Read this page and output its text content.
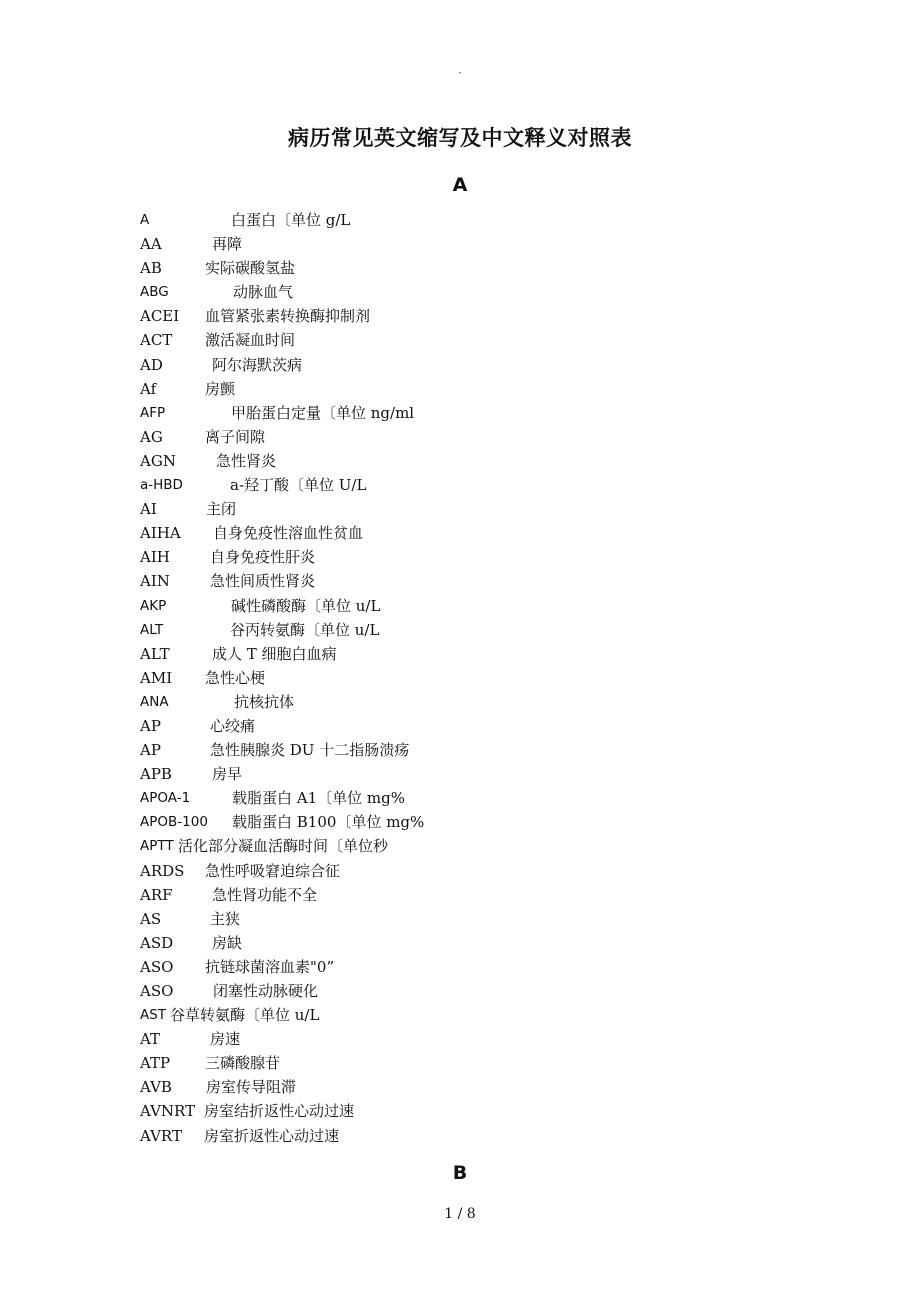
·
病历常见英文缩写及中文释义对照表
A
A	白蛋白〔单位 g/L
AA	再障
AB	实际碳酸氢盐
ABG	动脉血气
ACEI 血管紧张素转换酶抑制剂
ACT 激活凝血时间
AD	阿尔海默茨病
Af	房颤
AFP	甲胎蛋白定量〔单位 ng/ml
AG	离子间隙
AGN	急性肾炎
a-HBD	a-羟丁酸〔单位 U/L
AI	主闭
AIHA 自身免疫性溶血性贫血
AIH	自身免疫性肝炎
AIN	急性间质性肾炎
AKP	碱性磷酸酶〔单位 u/L
ALT	谷丙转氨酶〔单位 u/L
ALT	成人 T 细胞白血病
AMI 急性心梗
ANA	抗核抗体
AP	心绞痛
AP	急性胰腺炎 DU 十二指肠溃疡
APB	房早
APOA-1	载脂蛋白 A1〔单位 mg%
APOB-100 载脂蛋白 B100〔单位 mg%
APTT 活化部分凝血活酶时间〔单位秒
ARDS 急性呼吸窘迫综合征
ARF	急性肾功能不全
AS	主狭
ASD	房缺
ASO 抗链球菌溶血素"0”
ASO	闭塞性动脉硬化
AST 谷草转氨酶〔单位 u/L
AT	房速
ATP 三磷酸腺苷
AVB 房室传导阻滞
AVNRT 房室结折返性心动过速
AVRT 房室折返性心动过速
B
1 / 8
